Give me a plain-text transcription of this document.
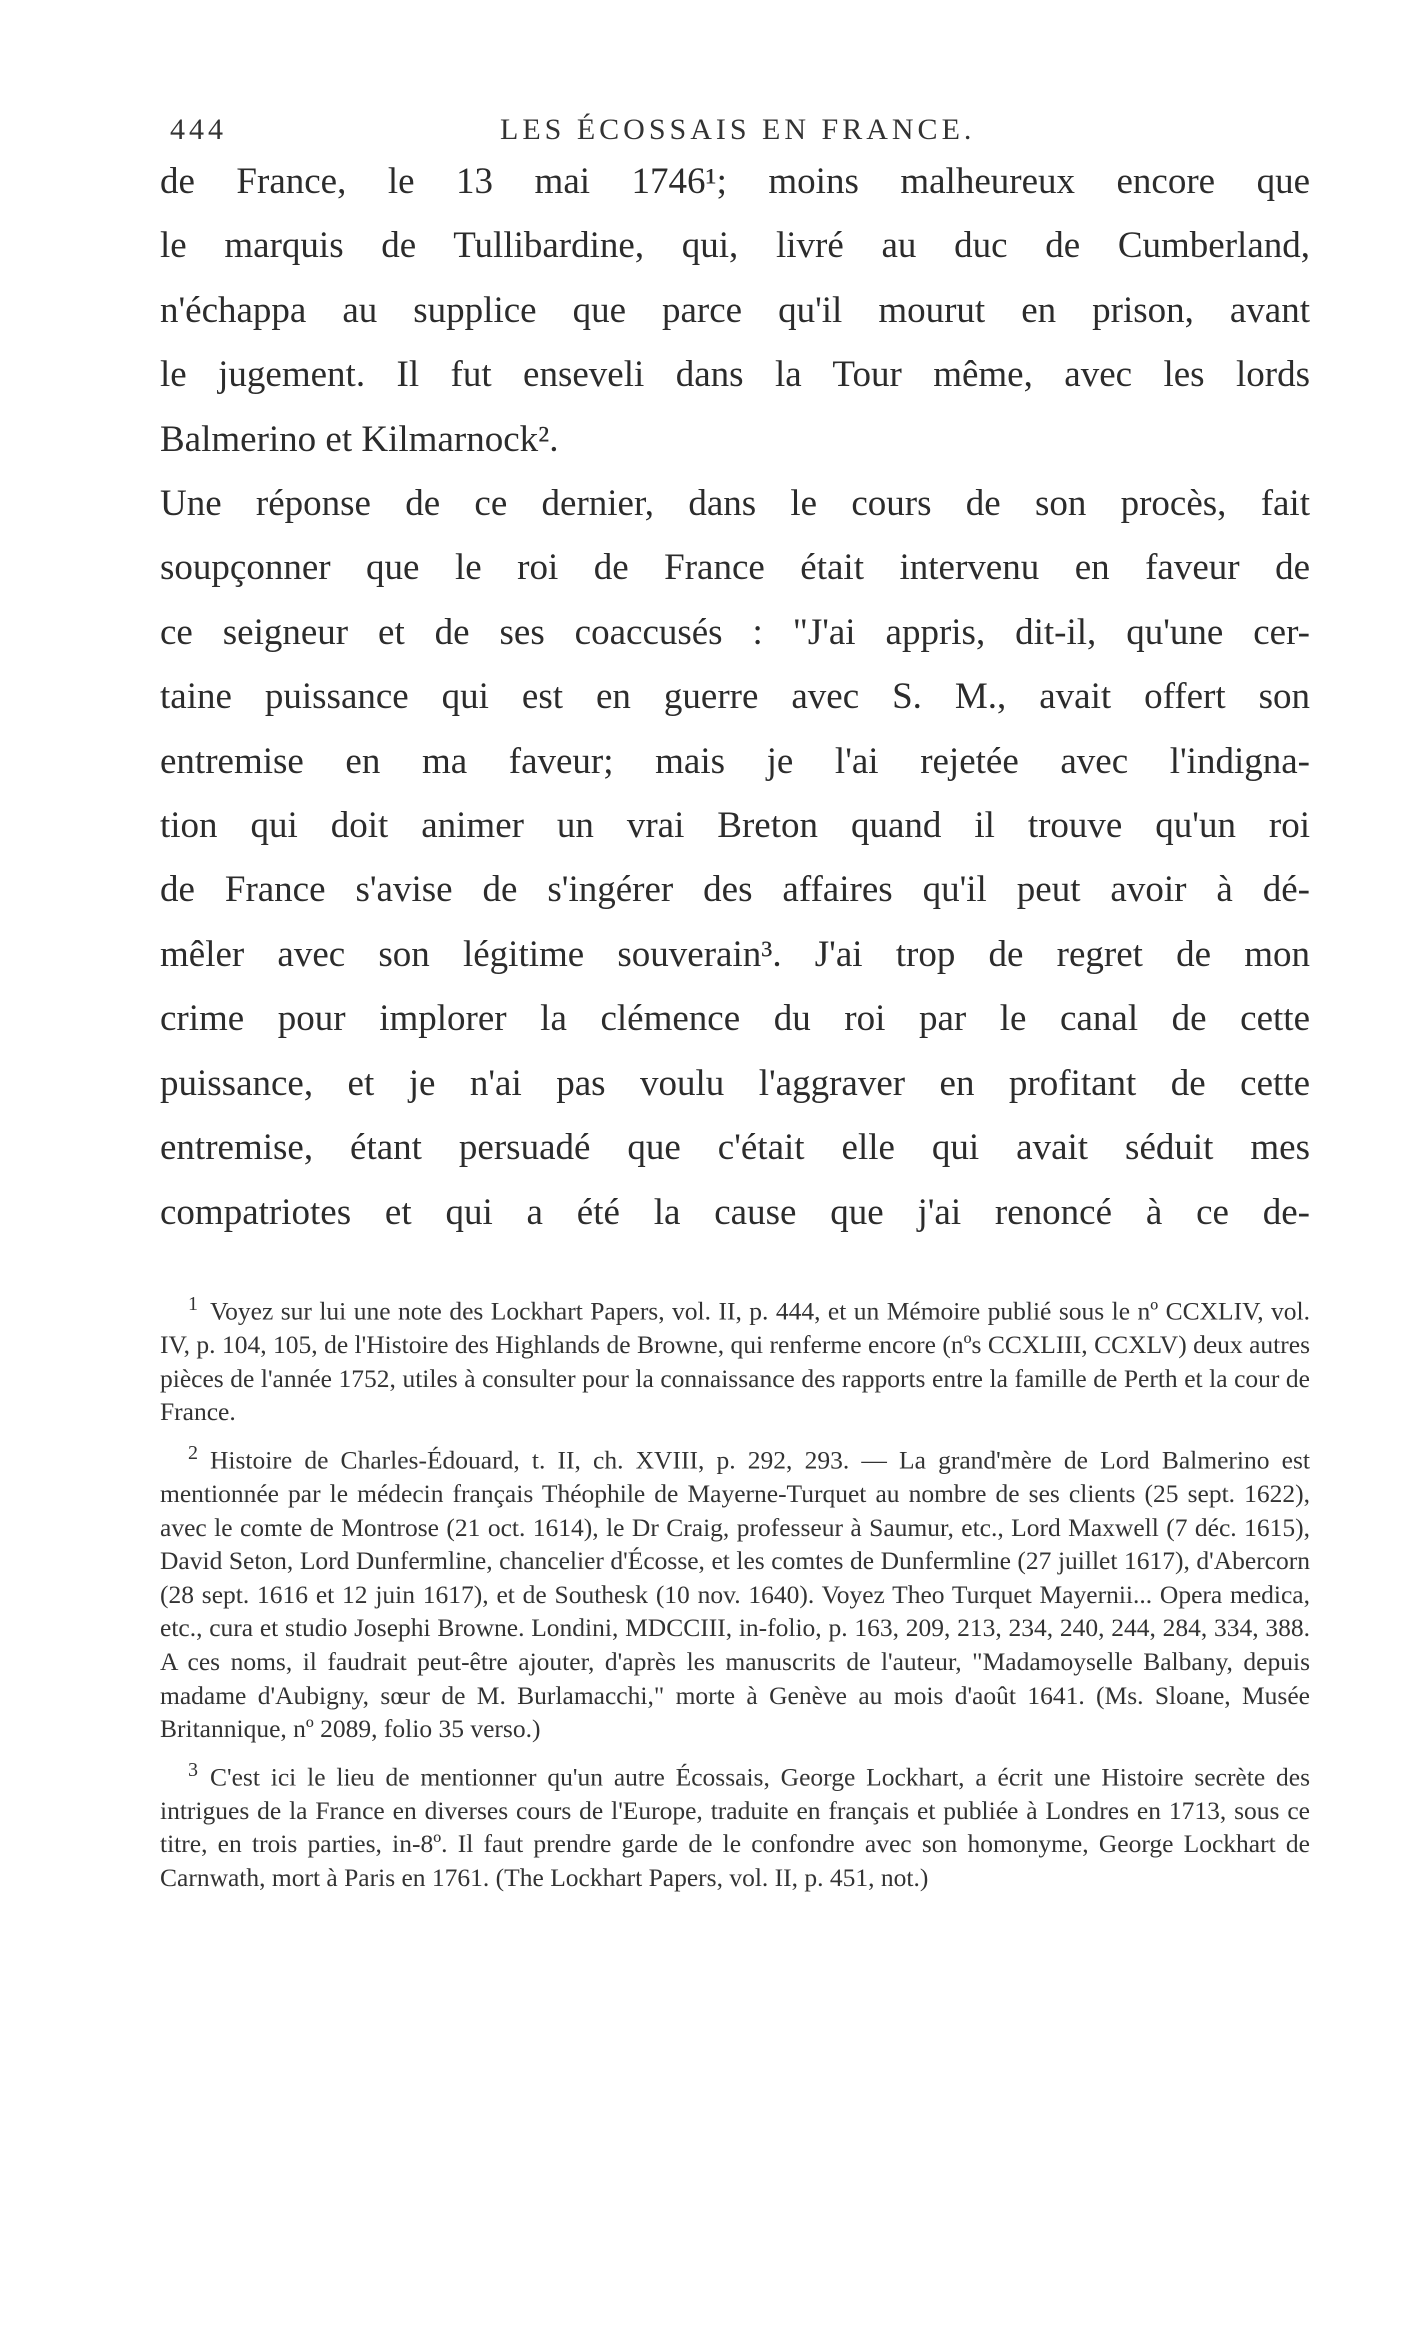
444	LES ÉCOSSAIS EN FRANCE.

de France, le 13 mai 1746¹; moins malheureux encore que

le marquis de Tullibardine, qui, livré au duc de Cumberland,

n'échappa au supplice que parce qu'il mourut en prison, avant

le jugement. Il fut enseveli dans la Tour même, avec les lords

Balmerino et Kilmarnock².

Une réponse de ce dernier, dans le cours de son procès, fait

soupçonner que le roi de France était intervenu en faveur de

ce seigneur et de ses coaccusés : "J'ai appris, dit-il, qu'une cer-

taine puissance qui est en guerre avec S. M., avait offert son

entremise en ma faveur; mais je l'ai rejetée avec l'indigna-

tion qui doit animer un vrai Breton quand il trouve qu'un roi

de France s'avise de s'ingérer des affaires qu'il peut avoir à dé-

mêler avec son légitime souverain³. J'ai trop de regret de mon

crime pour implorer la clémence du roi par le canal de cette

puissance, et je n'ai pas voulu l'aggraver en profitant de cette

entremise, étant persuadé que c'était elle qui avait séduit mes

compatriotes et qui a été la cause que j'ai renoncé à ce de-

$^1$ Voyez sur lui une note des Lockhart Papers, vol. II, p. 444, et un Mémoire publié sous le nº CCXLIV, vol. IV, p. 104, 105, de l'Histoire des Highlands de Browne, qui renferme encore (nºs CCXLIII, CCXLV) deux autres pièces de l'année 1752, utiles à consulter pour la connaissance des rapports entre la famille de Perth et la cour de France.

$^2$ Histoire de Charles-Édouard, t. II, ch. XVIII, p. 292, 293. — La grand'mère de Lord Balmerino est mentionnée par le médecin français Théophile de Mayerne-Turquet au nombre de ses clients (25 sept. 1622), avec le comte de Montrose (21 oct. 1614), le Dr Craig, professeur à Saumur, etc., Lord Maxwell (7 déc. 1615), David Seton, Lord Dunfermline, chancelier d'Écosse, et les comtes de Dunfermline (27 juillet 1617), d'Abercorn (28 sept. 1616 et 12 juin 1617), et de Southesk (10 nov. 1640). Voyez Theo Turquet Mayernii... Opera medica, etc., cura et studio Josephi Browne. Londini, MDCCIII, in-folio, p. 163, 209, 213, 234, 240, 244, 284, 334, 388. A ces noms, il faudrait peut-être ajouter, d'après les manuscrits de l'auteur, "Madamoyselle Balbany, depuis madame d'Aubigny, sœur de M. Burlamacchi," morte à Genève au mois d'août 1641. (Ms. Sloane, Musée Britannique, nº 2089, folio 35 verso.)

$^3$ C'est ici le lieu de mentionner qu'un autre Écossais, George Lockhart, a écrit une Histoire secrète des intrigues de la France en diverses cours de l'Europe, traduite en français et publiée à Londres en 1713, sous ce titre, en trois parties, in-8º. Il faut prendre garde de le confondre avec son homonyme, George Lockhart de Carnwath, mort à Paris en 1761. (The Lockhart Papers, vol. II, p. 451, not.)
